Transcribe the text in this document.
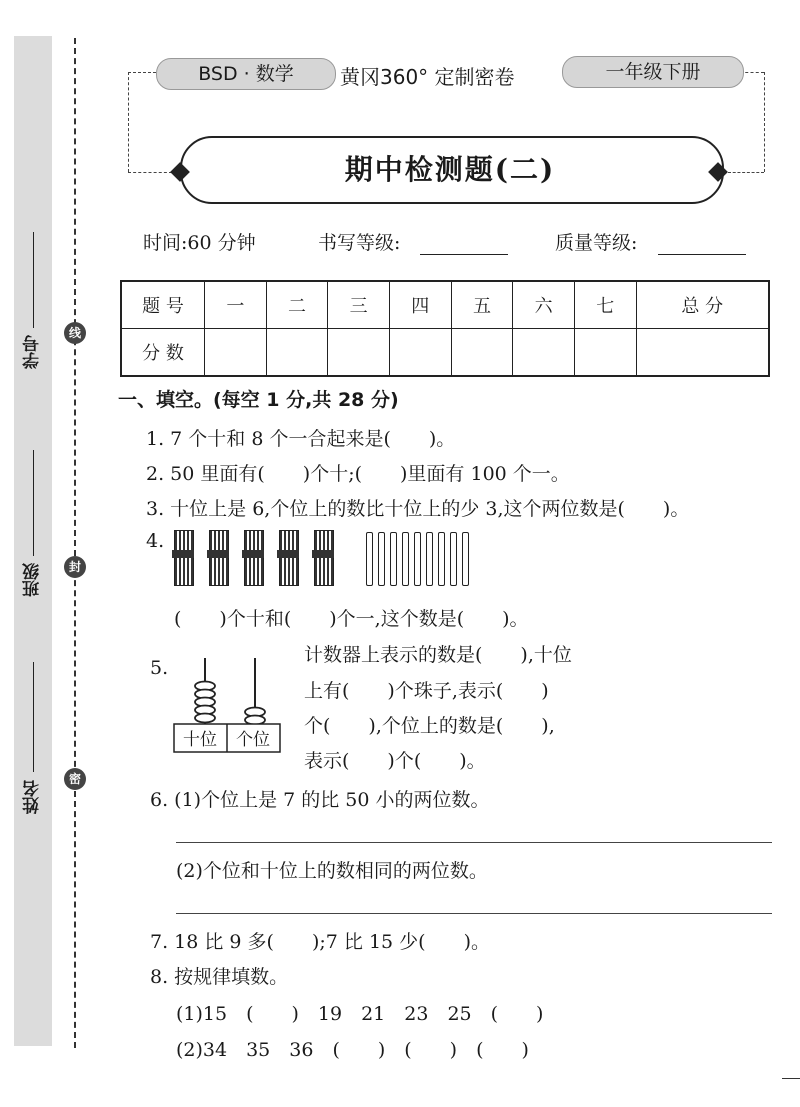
线
封
密
学号
班级
姓名
BSD · 数学	黄冈360° 定制密卷	一年级下册
期中检测题(二)
时间:60 分钟	书写等级:	质量等级:
题 号	一	二	三	四	五	六	七	总 分
分 数								
一、填空。(每空 1 分,共 28 分)
1. 7 个十和 8 个一合起来是(　　)。
2. 50 里面有(　　)个十;(　　)里面有 100 个一。
3. 十位上是 6,个位上的数比十位上的少 3,这个两位数是(　　)。
4.
(　　)个十和(　　)个一,这个数是(　　)。
5.
十位 个位
计数器上表示的数是(　　),十位
上有(　　)个珠子,表示(　　)
个(　　),个位上的数是(　　),
表示(　　)个(　　)。
6. (1)个位上是 7 的比 50 小的两位数。
(2)个位和十位上的数相同的两位数。
7. 18 比 9 多(　　);7 比 15 少(　　)。
8. 按规律填数。
(1)15　(　　)　19　21　23　25　(　　)
(2)34　35　36　(　　)　(　　)　(　　)
